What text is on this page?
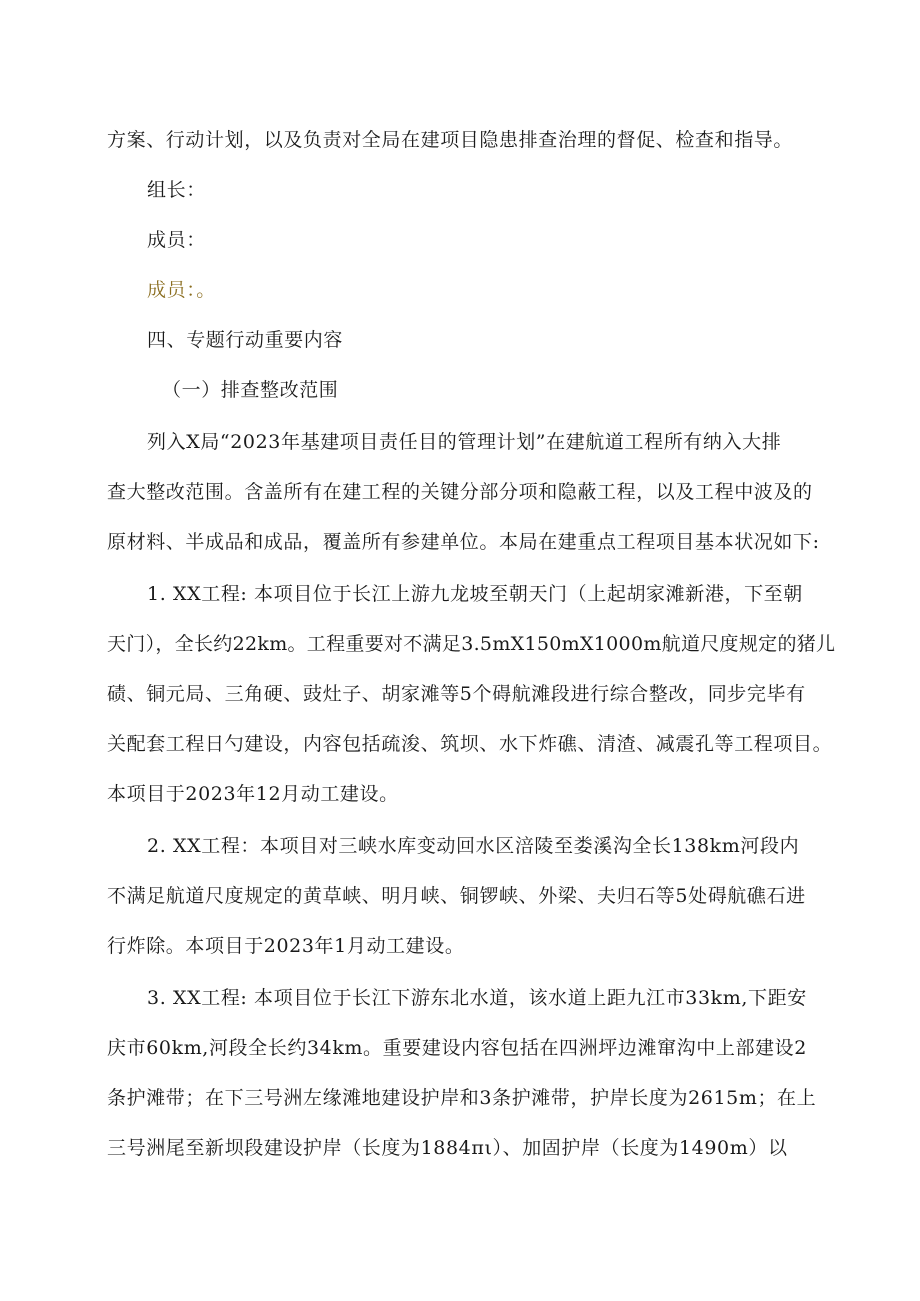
方案、行动计划，以及负责对全局在建项目隐患排查治理的督促、检查和指导。
组长：
成员：
成员：。
四、专题行动重要内容
（一）排查整改范围
列入X局“2023年基建项目责任目的管理计划”在建航道工程所有纳入大排
查大整改范围。含盖所有在建工程的关键分部分项和隐蔽工程，以及工程中波及的
原材料、半成品和成品，覆盖所有参建单位。本局在建重点工程项目基本状况如下:
1. XX工程: 本项目位于长江上游九龙坡至朝天门（上起胡家滩新港，下至朝
天门），全长约22km。工程重要对不满足3.5mX150mX1000m航道尺度规定的猪儿
碛、铜元局、三角硬、豉灶子、胡家滩等5个碍航滩段进行综合整改，同步完毕有
关配套工程日勺建设，内容包括疏浚、筑坝、水下炸礁、清渣、减震孔等工程项目。
本项目于2023年12月动工建设。
2. XX工程：本项目对三峡水库变动回水区涪陵至娄溪沟全长138km河段内
不满足航道尺度规定的黄草峡、明月峡、铜锣峡、外梁、夫归石等5处碍航礁石进
行炸除。本项目于2023年1月动工建设。
3. XX工程: 本项目位于长江下游东北水道，该水道上距九江市33km,下距安
庆市60km,河段全长约34km。重要建设内容包括在四洲坪边滩窜沟中上部建设2
条护滩带；在下三号洲左缘滩地建设护岸和3条护滩带，护岸长度为2615m；在上
三号洲尾至新坝段建设护岸（长度为1884πι）、加固护岸（长度为1490m）以
